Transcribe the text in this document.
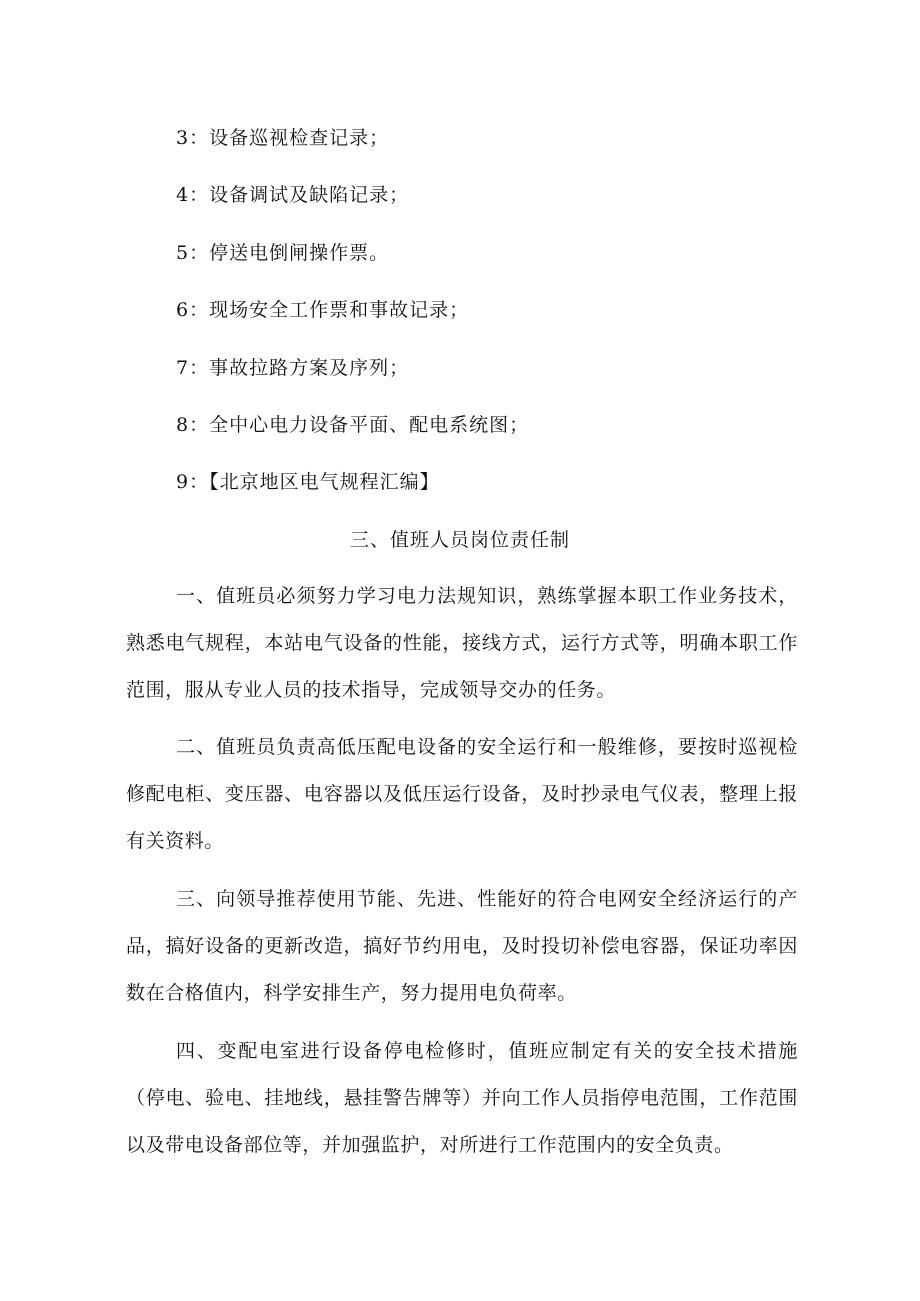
3：设备巡视检查记录；
4：设备调试及缺陷记录；
5：停送电倒闸操作票。
6：现场安全工作票和事故记录；
7：事故拉路方案及序列；
8：全中心电力设备平面、配电系统图；
9：【北京地区电气规程汇编】
三、值班人员岗位责任制
一、值班员必须努力学习电力法规知识，熟练掌握本职工作业务技术，熟悉电气规程，本站电气设备的性能，接线方式，运行方式等，明确本职工作范围，服从专业人员的技术指导，完成领导交办的任务。
二、值班员负责高低压配电设备的安全运行和一般维修，要按时巡视检修配电柜、变压器、电容器以及低压运行设备，及时抄录电气仪表，整理上报有关资料。
三、向领导推荐使用节能、先进、性能好的符合电网安全经济运行的产品，搞好设备的更新改造，搞好节约用电，及时投切补偿电容器，保证功率因数在合格值内，科学安排生产，努力提用电负荷率。
四、变配电室进行设备停电检修时，值班应制定有关的安全技术措施（停电、验电、挂地线，悬挂警告牌等）并向工作人员指停电范围，工作范围以及带电设备部位等，并加强监护，对所进行工作范围内的安全负责。
